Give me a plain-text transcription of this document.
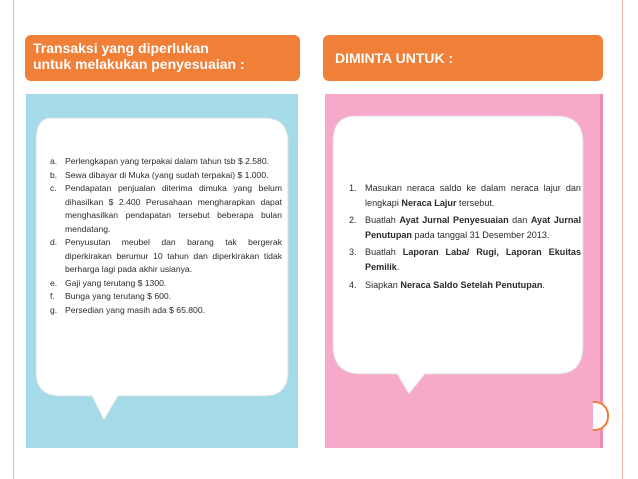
Transaksi yang diperlukan
untuk melakukan penyesuaian :	DIMINTA UNTUK :
a. Perlengkapan yang terpakai dalam tahun tsb $ 2.580.
b. Sewa dibayar di Muka (yang sudah terpakai) $ 1.000.
c. Pendapatan penjualan diterima dimuka yang belum dihasilkan $ 2.400 Perusahaan mengharapkan dapat menghasilkan pendapatan tersebut beberapa bulan mendatang.
d. Penyusutan meubel dan barang tak bergerak diperkirakan berumur 10 tahun dan diperkirakan tidak berharga lagi pada akhir usianya.
e. Gaji yang terutang $ 1300.
f.	Bunga yang terutang $ 600.
g. Persedian yang masih ada $ 65.800.
1. Masukan neraca saldo ke dalam neraca lajur dan lengkapi Neraca Lajur tersebut.
2. Buatlah Ayat Jurnal Penyesuaian dan Ayat Jurnal Penutupan pada tanggal 31 Desember 2013.
3. Buatlah Laporan Laba/ Rugi, Laporan Ekuitas Pemilik.
4. Siapkan Neraca Saldo Setelah Penutupan.
